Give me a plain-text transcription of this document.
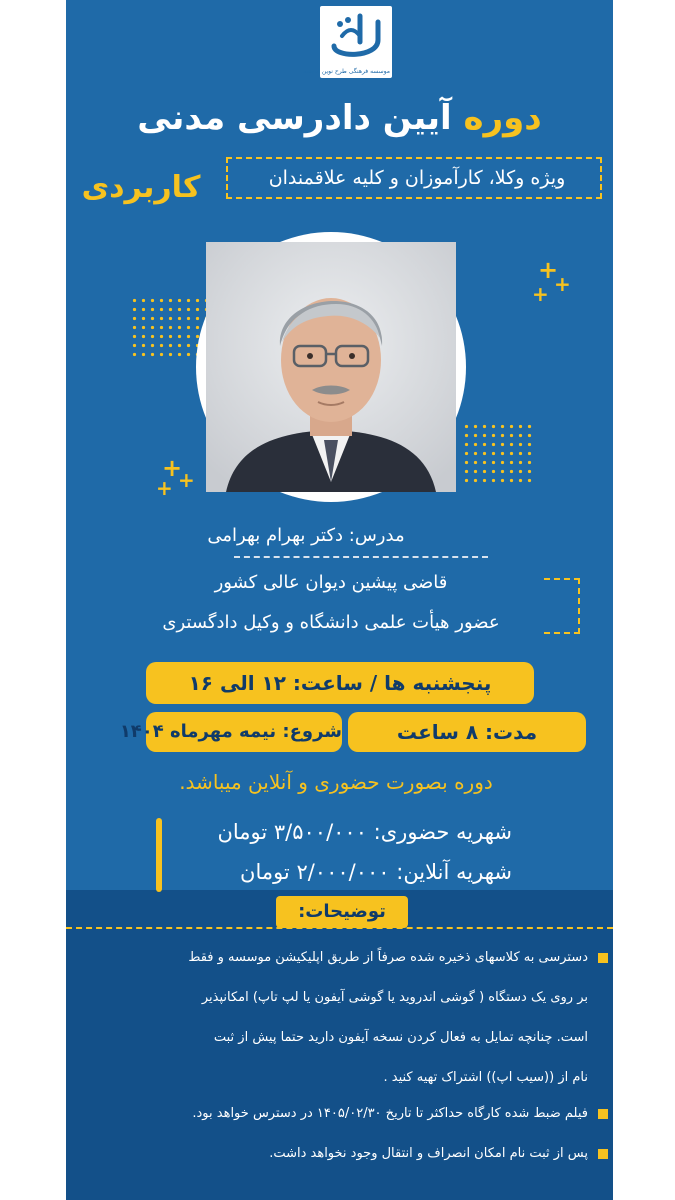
موسسه فرهنگی طرح نوین اندیشه
دوره آیین دادرسی مدنی
ویژه وکلا، کارآموزان و کلیه علاقمندان
کاربردی
+
+
+
+
+
+
مدرس: دکتر بهرام بهرامی
قاضی پیشین دیوان عالی کشور
عضور هیأت علمی دانشگاه و وکیل دادگستری
پنجشنبه ها / ساعت: ۱۲ الی ۱۶
مدت: ۸ ساعت
شروع: نیمه مهرماه ۱۴۰۴
دوره بصورت حضوری و آنلاین میباشد.
شهریه حضوری: ۳/۵۰۰/۰۰۰ تومان
شهریه آنلاین: ۲/۰۰۰/۰۰۰ تومان
توضیحات:
دسترسی به کلاسهای ذخیره شده صرفاً از طریق اپلیکیشن موسسه و فقط
بر روی یک دستگاه ( گوشی اندروید یا گوشی آیفون یا لپ تاپ) امکانپذیر
است. چنانچه تمایل به فعال کردن نسخه آیفون دارید حتما پیش از ثبت
نام از ((سیب اپ)) اشتراک تهیه کنید .
فیلم ضبط شده کارگاه حداکثر تا تاریخ ۱۴۰۵/۰۲/۳۰ در دسترس خواهد بود.
پس از ثبت نام امکان انصراف و انتقال وجود نخواهد داشت.
